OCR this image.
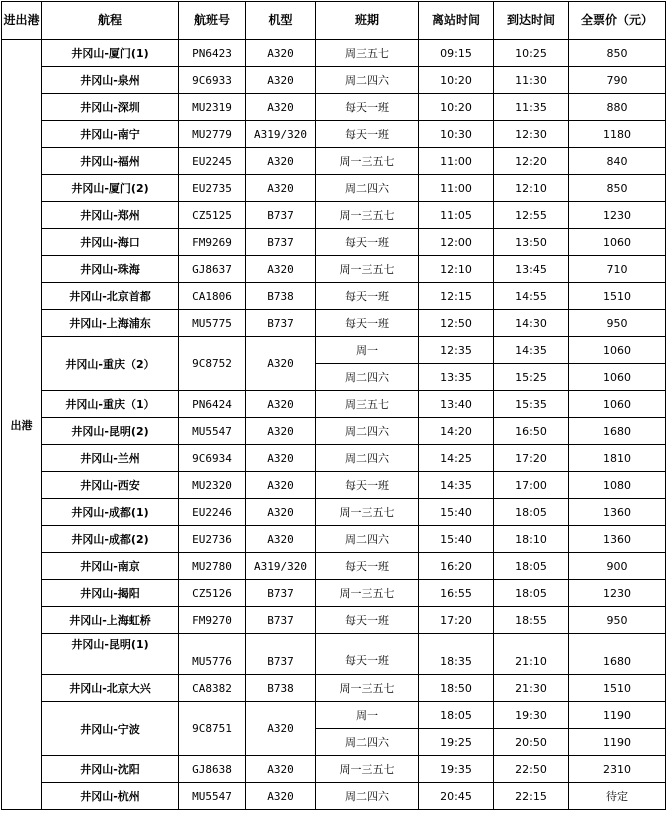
进出港	航程	航班号	机型	班期	离站时间	到达时间	全票价（元）
出港	井冈山-厦门(1)	PN6423	A320	周三五七	09:15	10:25	850
	井冈山-泉州	9C6933	A320	周二四六	10:20	11:30	790
	井冈山-深圳	MU2319	A320	每天一班	10:20	11:35	880
	井冈山-南宁	MU2779	A319/320	每天一班	10:30	12:30	1180
	井冈山-福州	EU2245	A320	周一三五七	11:00	12:20	840
	井冈山-厦门(2)	EU2735	A320	周二四六	11:00	12:10	850
	井冈山-郑州	CZ5125	B737	周一三五七	11:05	12:55	1230
	井冈山-海口	FM9269	B737	每天一班	12:00	13:50	1060
	井冈山-珠海	GJ8637	A320	周一三五七	12:10	13:45	710
	井冈山-北京首都	CA1806	B738	每天一班	12:15	14:55	1510
	井冈山-上海浦东	MU5775	B737	每天一班	12:50	14:30	950
	井冈山-重庆（2）	9C8752	A320	周一	12:35	14:35	1060
				周二四六	13:35	15:25	1060
	井冈山-重庆（1）	PN6424	A320	周三五七	13:40	15:35	1060
	井冈山-昆明(2)	MU5547	A320	周二四六	14:20	16:50	1680
	井冈山-兰州	9C6934	A320	周二四六	14:25	17:20	1810
	井冈山-西安	MU2320	A320	每天一班	14:35	17:00	1080
	井冈山-成都(1)	EU2246	A320	周一三五七	15:40	18:05	1360
	井冈山-成都(2)	EU2736	A320	周二四六	15:40	18:10	1360
	井冈山-南京	MU2780	A319/320	每天一班	16:20	18:05	900
	井冈山-揭阳	CZ5126	B737	周一三五七	16:55	18:05	1230
	井冈山-上海虹桥	FM9270	B737	每天一班	17:20	18:55	950
	井冈山-昆明(1)	MU5776	B737	每天一班	18:35	21:10	1680
	井冈山-北京大兴	CA8382	B738	周一三五七	18:50	21:30	1510
	井冈山-宁波	9C8751	A320	周一	18:05	19:30	1190
				周二四六	19:25	20:50	1190
	井冈山-沈阳	GJ8638	A320	周一三五七	19:35	22:50	2310
	井冈山-杭州	MU5547	A320	周二四六	20:45	22:15	待定
